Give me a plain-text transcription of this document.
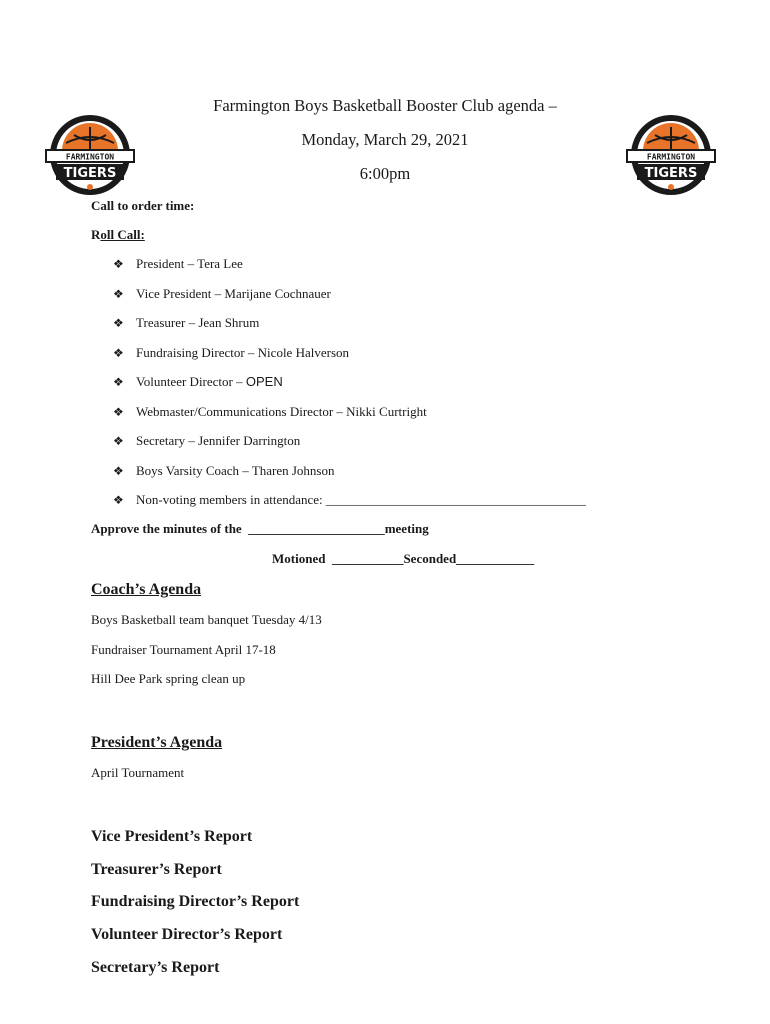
FARMINGTON
TIGERS
FARMINGTON
TIGERS
Farmington Boys Basketball Booster Club agenda –
Monday, March 29, 2021
6:00pm
Call to order time:
Roll Call:
❖ President – Tera Lee
❖ Vice President – Marijane Cochnauer
❖ Treasurer – Jean Shrum
❖ Fundraising Director – Nicole Halverson
❖ Volunteer Director – OPEN
❖ Webmaster/Communications Director – Nikki Curtright
❖ Secretary – Jennifer Darrington
❖ Boys Varsity Coach – Tharen Johnson
❖ Non-voting members in attendance: ________________________________________
Approve the minutes of the  _____________________meeting
Motioned  ___________Seconded____________
Coach’s Agenda
Boys Basketball team banquet Tuesday 4/13
Fundraiser Tournament April 17-18
Hill Dee Park spring clean up
President’s Agenda
April Tournament
Vice President’s Report
Treasurer’s Report
Fundraising Director’s Report
Volunteer Director’s Report
Secretary’s Report
